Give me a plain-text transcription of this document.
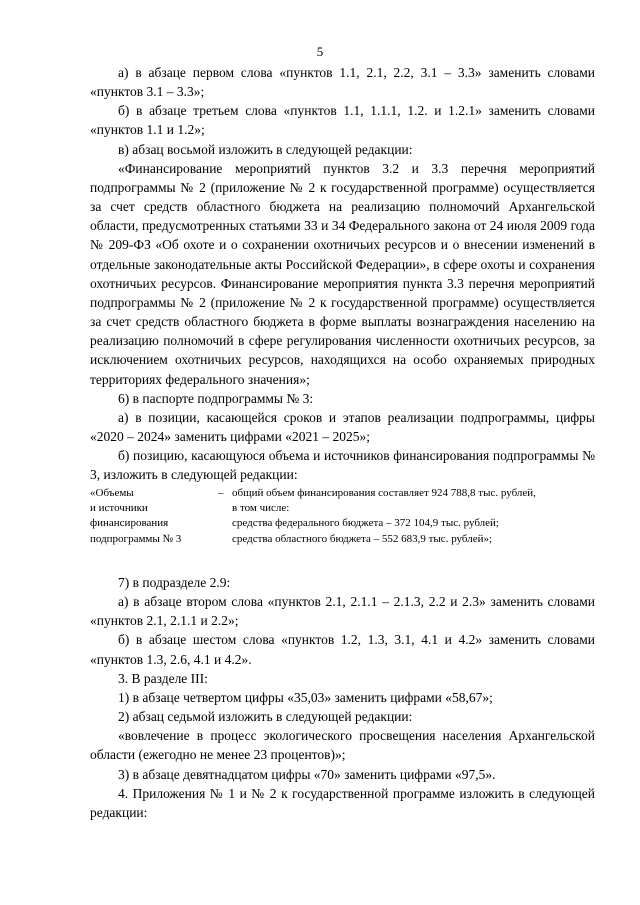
5

а) в абзаце первом слова «пунктов 1.1, 2.1, 2.2, 3.1 – 3.3» заменить словами «пунктов 3.1 – 3.3»;

б) в абзаце третьем слова «пунктов 1.1, 1.1.1, 1.2. и 1.2.1» заменить словами «пунктов 1.1 и 1.2»;

в) абзац восьмой изложить в следующей редакции:

«Финансирование мероприятий пунктов 3.2 и 3.3 перечня мероприятий подпрограммы № 2 (приложение № 2 к государственной программе) осуществляется за счет средств областного бюджета на реализацию полномочий Архангельской области, предусмотренных статьями 33 и 34 Федерального закона от 24 июля 2009 года № 209-ФЗ «Об охоте и о сохранении охотничьих ресурсов и о внесении изменений в отдельные законодательные акты Российской Федерации», в сфере охоты и сохранения охотничьих ресурсов. Финансирование мероприятия пункта 3.3 перечня мероприятий подпрограммы № 2 (приложение № 2 к государственной программе) осуществляется за счет средств областного бюджета в форме выплаты вознаграждения населению на реализацию полномочий в сфере регулирования численности охотничьих ресурсов, за исключением охотничьих ресурсов, находящихся на особо охраняемых природных территориях федерального значения»;

6) в паспорте подпрограммы № 3:

а) в позиции, касающейся сроков и этапов реализации подпрограммы, цифры «2020 – 2024» заменить цифрами «2021 – 2025»;

б) позицию, касающуюся объема и источников финансирования подпрограммы № 3, изложить в следующей редакции:

«Объемы
и источники
финансирования
подпрограммы № 3
– общий объем финансирования составляет 924 788,8 тыс. рублей,
в том числе:
средства федерального бюджета – 372 104,9 тыс. рублей;
средства областного бюджета – 552 683,9 тыс. рублей»;

7) в подразделе 2.9:

а) в абзаце втором слова «пунктов 2.1, 2.1.1 – 2.1.3, 2.2 и 2.3» заменить словами «пунктов 2.1, 2.1.1 и 2.2»;

б) в абзаце шестом слова «пунктов 1.2, 1.3, 3.1, 4.1 и 4.2» заменить словами «пунктов 1.3, 2.6, 4.1 и 4.2».

3. В разделе III:

1) в абзаце четвертом цифры «35,03» заменить цифрами «58,67»;

2) абзац седьмой изложить в следующей редакции:

«вовлечение в процесс экологического просвещения населения Архангельской области (ежегодно не менее 23 процентов)»;

3) в абзаце девятнадцатом цифры «70» заменить цифрами «97,5».

4. Приложения № 1 и № 2 к государственной программе изложить в следующей редакции:
